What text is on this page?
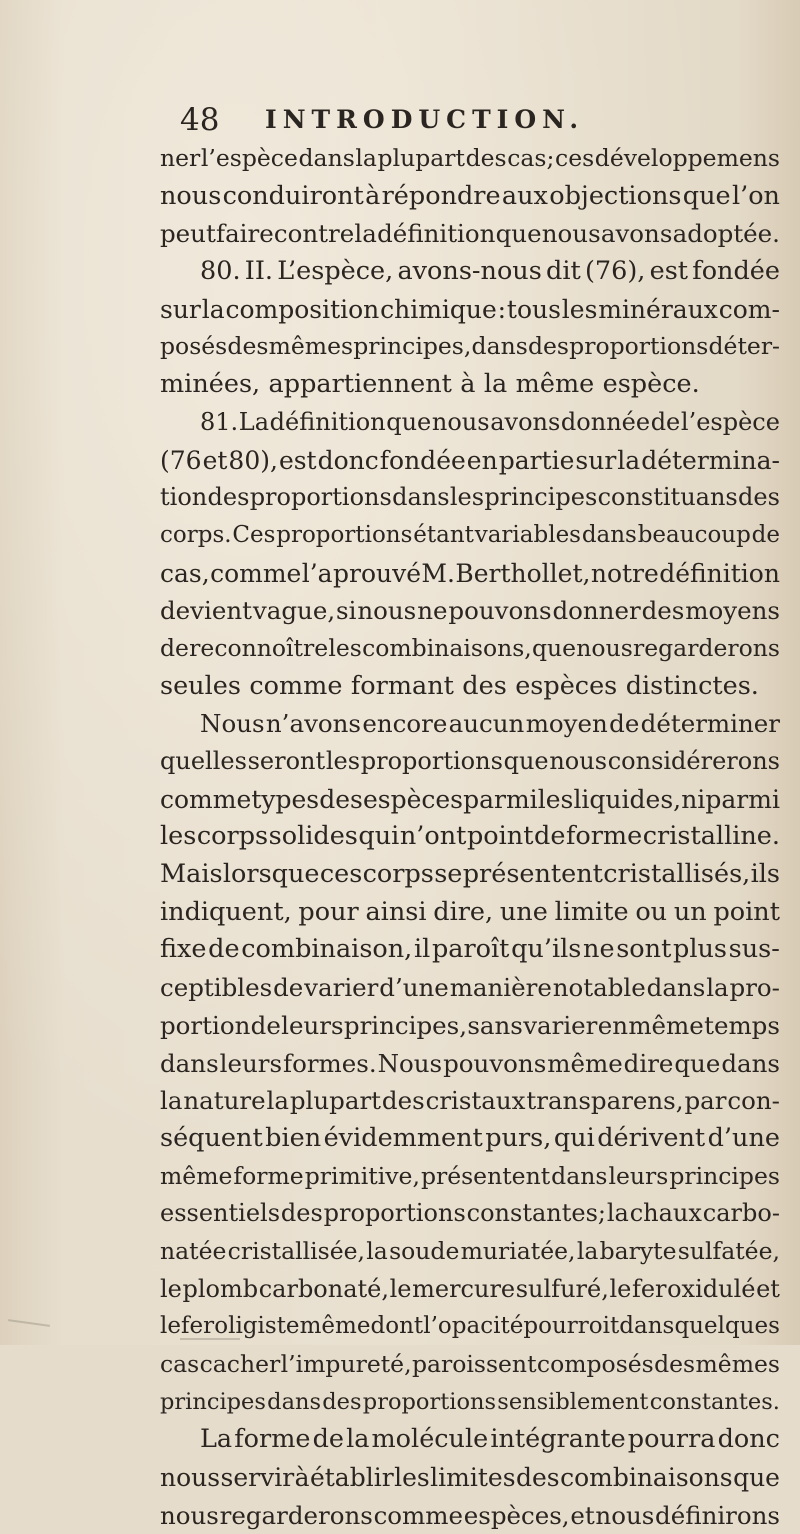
48 INTRODUCTION.
ner l’espèce dans la plupart des cas; ces développemens
nous conduiront à répondre aux objections que l’on
peut faire contre la définition que nous avons adoptée.
80. II. L’espèce, avons-nous dit (76), est fondée
sur la composition chimique : tous les minéraux com-
posés des mêmes principes, dans des proportions déter-
minées, appartiennent à la même espèce.
81. La définition que nous avons donnée de l’espèce
(76 et 80), est donc fondée en partie sur la détermina-
tion des proportions dans les principes constituans des
corps. Ces proportions étant variables dans beaucoup de
cas, comme l’a prouvé M. Berthollet, notre définition
devient vague, si nous ne pouvons donner des moyens
de reconnoître les combinaisons, que nous regarderons
seules comme formant des espèces distinctes.
Nous n’avons encore aucun moyen de déterminer
quelles seront les proportions que nous considérerons
comme types des espèces parmi les liquides, ni parmi
les corps solides qui n’ont point de forme cristalline.
Mais lorsque ces corps se présentent cristallisés, ils
indiquent, pour ainsi dire, une limite ou un point
fixe de combinaison, il paroît qu’ils ne sont plus sus-
ceptibles de varier d’une manière notable dans la pro-
portion de leurs principes, sans varier en même temps
dans leurs formes. Nous pouvons même dire que dans
la nature la plupart des cristaux transparens, par con-
séquent bien évidemment purs, qui dérivent d’une
même forme primitive, présentent dans leurs principes
essentiels des proportions constantes; la chaux carbo-
natée cristallisée, la soude muriatée, la baryte sulfatée,
le plomb carbonaté, le mercure sulfuré, le fer oxidulé et
le fer oligiste même dont l’opacité pourroit dans quelques
cas cacher l’impureté, paroissent composés des mêmes
principes dans des proportions sensiblement constantes.
La forme de la molécule intégrante pourra donc
nous servir à établir les limites des combinaisons que
nous regarderons comme espèces, et nous définirons
